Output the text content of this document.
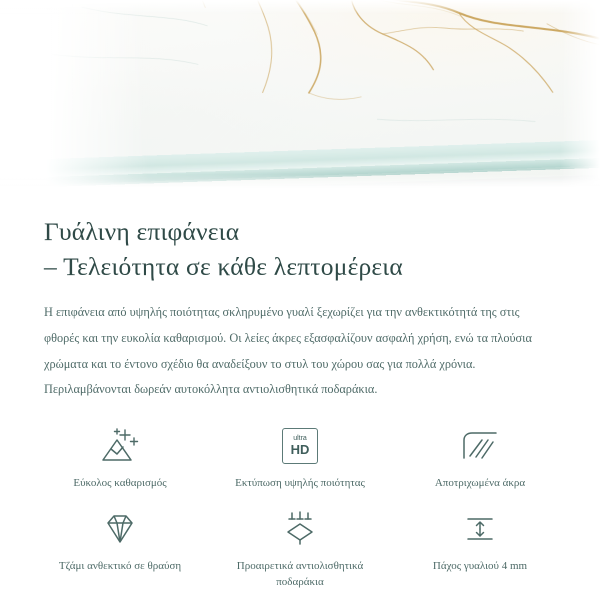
Γυάλινη επιφάνεια
– Τελειότητα σε κάθε λεπτομέρεια

Η επιφάνεια από υψηλής ποιότητας σκληρυμένο γυαλί ξεχωρίζει για την ανθεκτικότητά της στις φθορές και την ευκολία καθαρισμού. Οι λείες άκρες εξασφαλίζουν ασφαλή χρήση, ενώ τα πλούσια χρώματα και το έντονο σχέδιο θα αναδείξουν το στυλ του χώρου σας για πολλά χρόνια. Περιλαμβάνονται δωρεάν αυτοκόλλητα αντιολισθητικά ποδαράκια.

Εύκολος καθαρισμός
ultra
HD
Εκτύπωση υψηλής ποιότητας	Αποτριχωμένα άκρα
Τζάμι ανθεκτικό σε θραύση	Προαιρετικά αντιολισθητικά ποδαράκια
Πάχος γυαλιού 4 mm
